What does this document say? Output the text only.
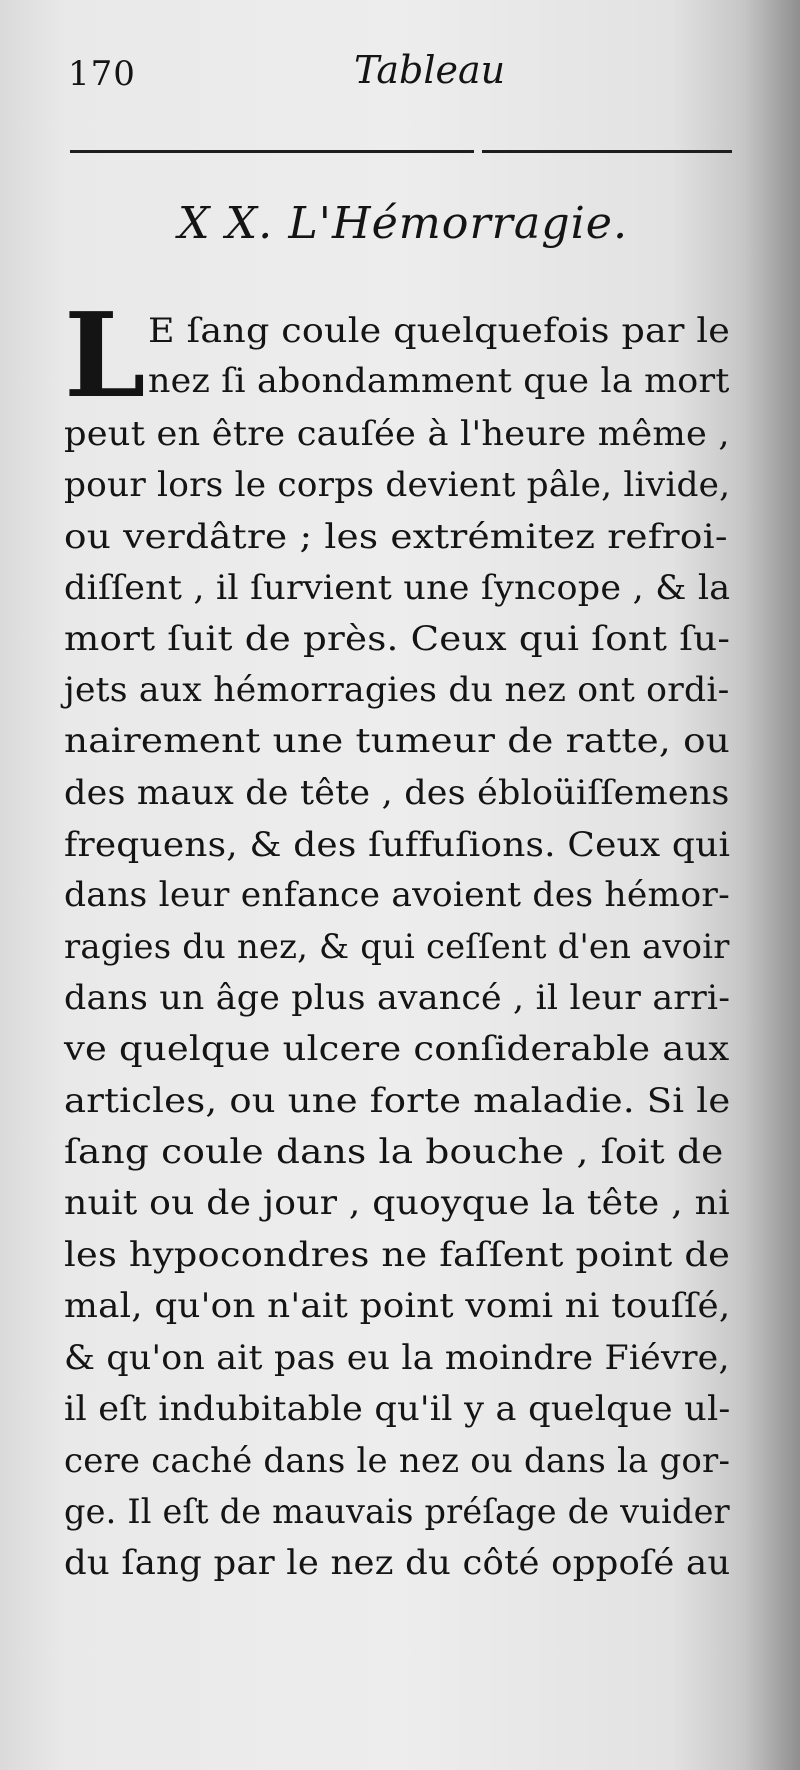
170	Tableau
X X. L'Hémorragie.
L E ſang coule quelquefois par le
nez ſi abondamment que la mort
peut en être cauſée à l'heure même ,
pour lors le corps devient pâle, livide,
ou verdâtre ; les extrémitez refroi-
diſſent , il ſurvient une ſyncope , & la
mort ſuit de près. Ceux qui ſont ſu-
jets aux hémorragies du nez ont ordi-
nairement une tumeur de ratte, ou
des maux de tête , des ébloüiſſemens
frequens, & des ſuffuſions. Ceux qui
dans leur enfance avoient des hémor-
ragies du nez, & qui ceſſent d'en avoir
dans un âge plus avancé , il leur arri-
ve quelque ulcere conſiderable aux
articles, ou une forte maladie. Si le
ſang coule dans la bouche , ſoit de
nuit ou de jour , quoyque la tête , ni
les hypocondres ne faſſent point de
mal, qu'on n'ait point vomi ni touſſé,
& qu'on ait pas eu la moindre Fiévre,
il eſt indubitable qu'il y a quelque ul-
cere caché dans le nez ou dans la gor-
ge. Il eſt de mauvais préſage de vuider
du ſang par le nez du côté oppoſé au
